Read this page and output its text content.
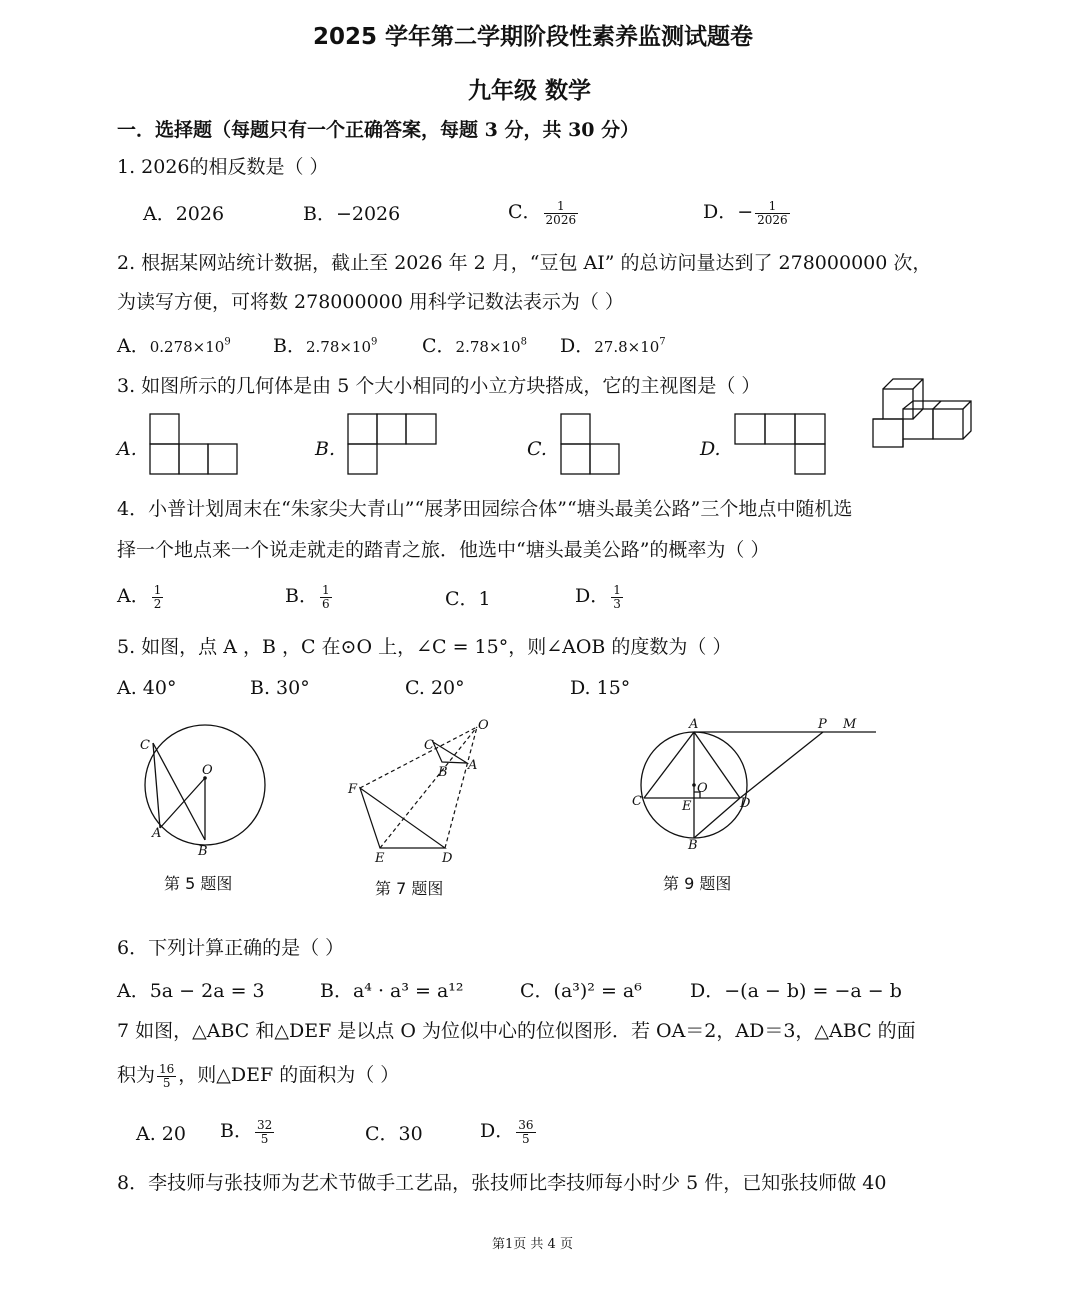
2025 学年第二学期阶段性素养监测试题卷
九年级 数学
一．选择题（每题只有一个正确答案，每题 3 分，共 30 分）
1. 2026的相反数是（ ）
A．2026	B．−2026	C． $\frac{1}{2026}$	D．− $\frac{1}{2026}$
2. 根据某网站统计数据，截止至 2026 年 2 月，“豆包 AI” 的总访问量达到了 278000000 次，
为读写方便，可将数 278000000 用科学记数法表示为（ ）
A．$0.278\times 10^9$ B．$2.78\times 10^9$ C．$2.78\times 10^8$ D．$27.8\times 10^7$
3. 如图所示的几何体是由 5 个大小相同的小立方块搭成，它的主视图是（ ）
A.	B.	C.	D.
4．小普计划周末在“朱家尖大青山”“展茅田园综合体”“塘头最美公路”三个地点中随机选
择一个地点来一个说走就走的踏青之旅．他选中“塘头最美公路”的概率为（ ）
A． $\frac{1}{2}$	B． $\frac{1}{6}$	C．1	D． $\frac{1}{3}$
5. 如图，点 A ，B ，C 在⊙O 上，∠C = 15°，则∠AOB 的度数为（ ）
A. 40°	B. 30°	C. 20°	D. 15°
C
O
A
B
第 5 题图
O
C
A
B
F
E	D
第 7 题图
A	P M
O
C	E	D
B
第 9 题图
6．下列计算正确的是（ ）
A．5a − 2a = 3	B．a⁴ · a³ = a¹²	C．(a³)² = a⁶	D．−(a − b) = −a − b
7 如图，△ABC 和△DEF 是以点 O 为位似中心的位似图形．若 OA＝2，AD＝3，△ABC 的面
积为 $\frac{16}{5}$ ，则△DEF 的面积为（ ）
A. 20 B． $\frac{32}{5}$	C．30	D． $\frac{36}{5}$
8．李技师与张技师为艺术节做手工艺品，张技师比李技师每小时少 5 件，已知张技师做 40
第1页 共 4 页
